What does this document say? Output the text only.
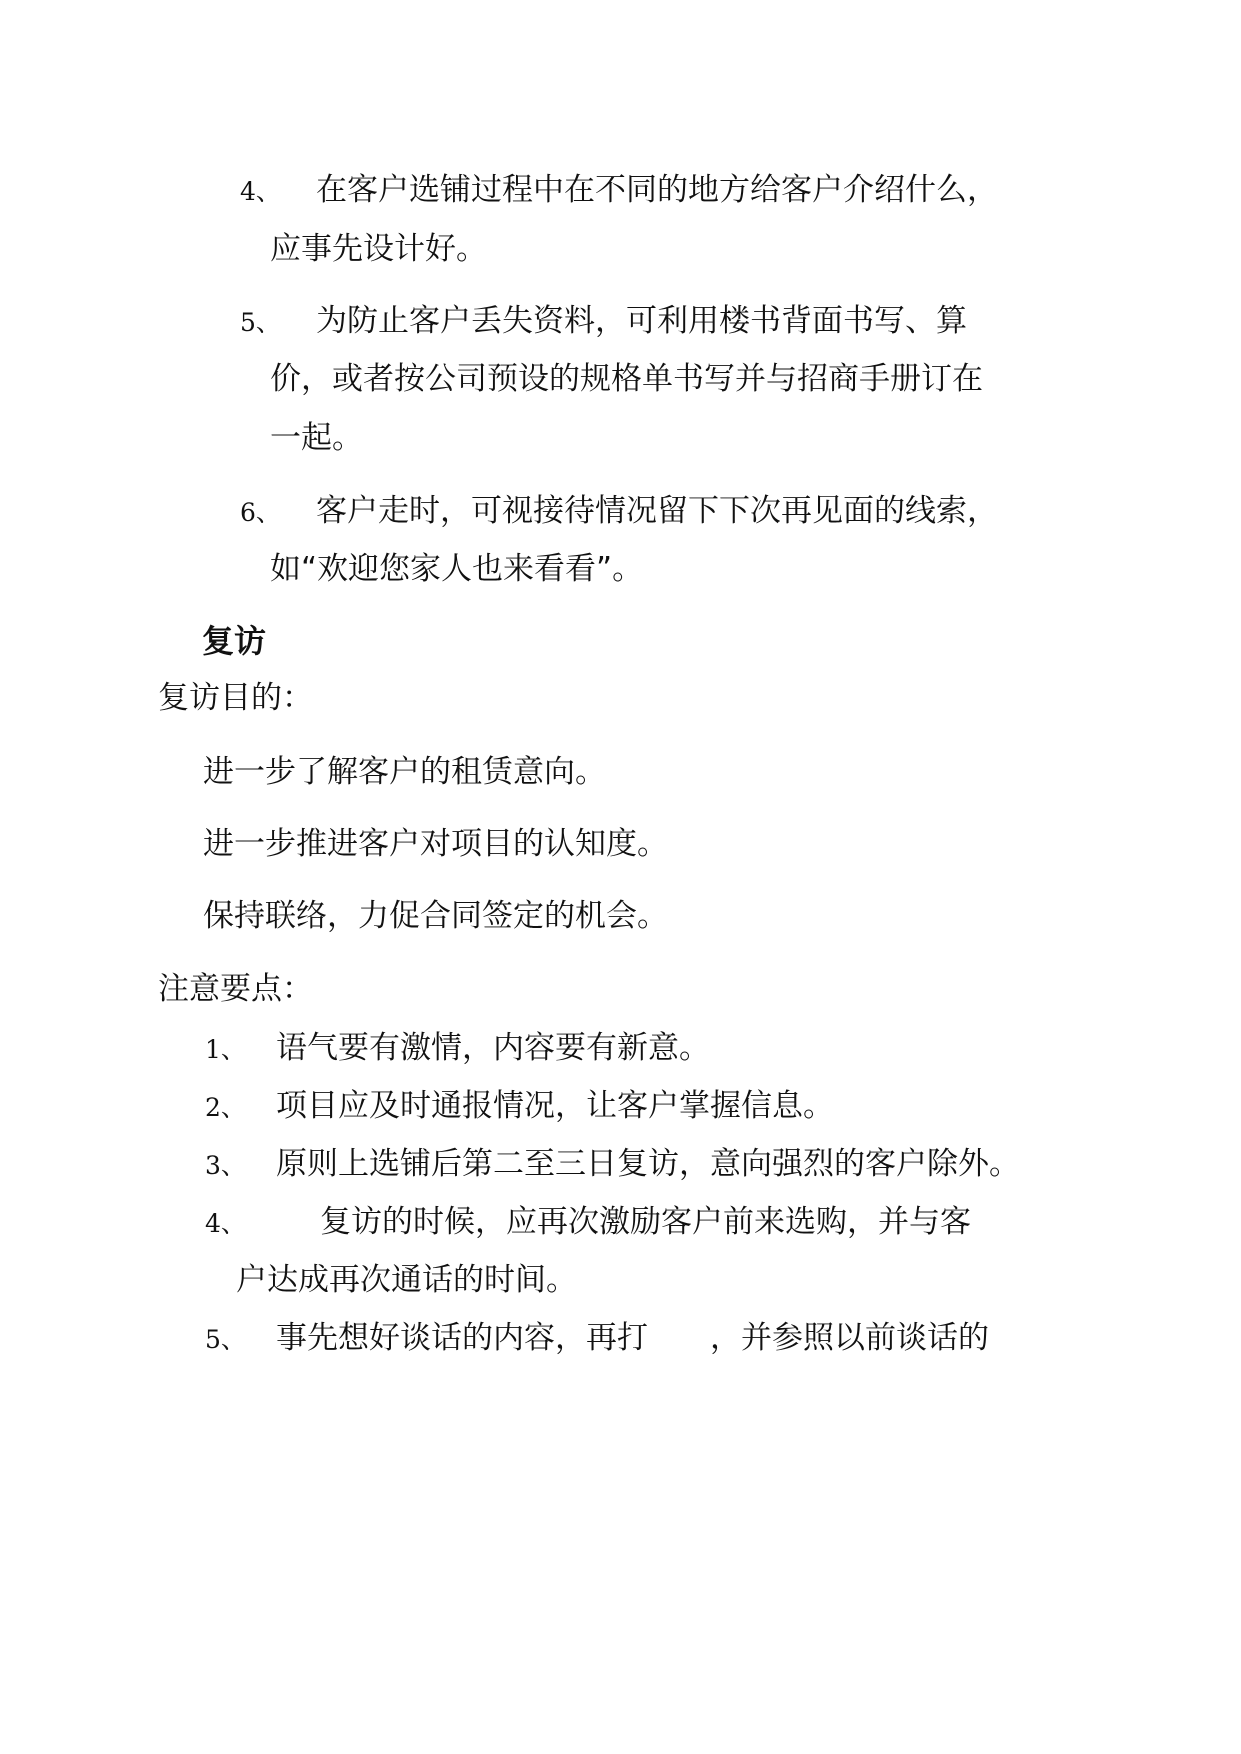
4、 在客户选铺过程中在不同的地方给客户介绍什么，
应事先设计好。
5、 为防止客户丢失资料，可利用楼书背面书写、算
价，或者按公司预设的规格单书写并与招商手册订在
一起。
6、 客户走时，可视接待情况留下下次再见面的线索，
如“欢迎您家人也来看看”。
复访
复访目的：
进一步了解客户的租赁意向。
进一步推进客户对项目的认知度。
保持联络，力促合同签定的机会。
注意要点：
1、 语气要有激情，内容要有新意。
2、 项目应及时通报情况，让客户掌握信息。
3、 原则上选铺后第二至三日复访，意向强烈的客户除外。
4、 复访的时候，应再次激励客户前来选购，并与客
户达成再次通话的时间。
5、 事先想好谈话的内容，再打　　，并参照以前谈话的
